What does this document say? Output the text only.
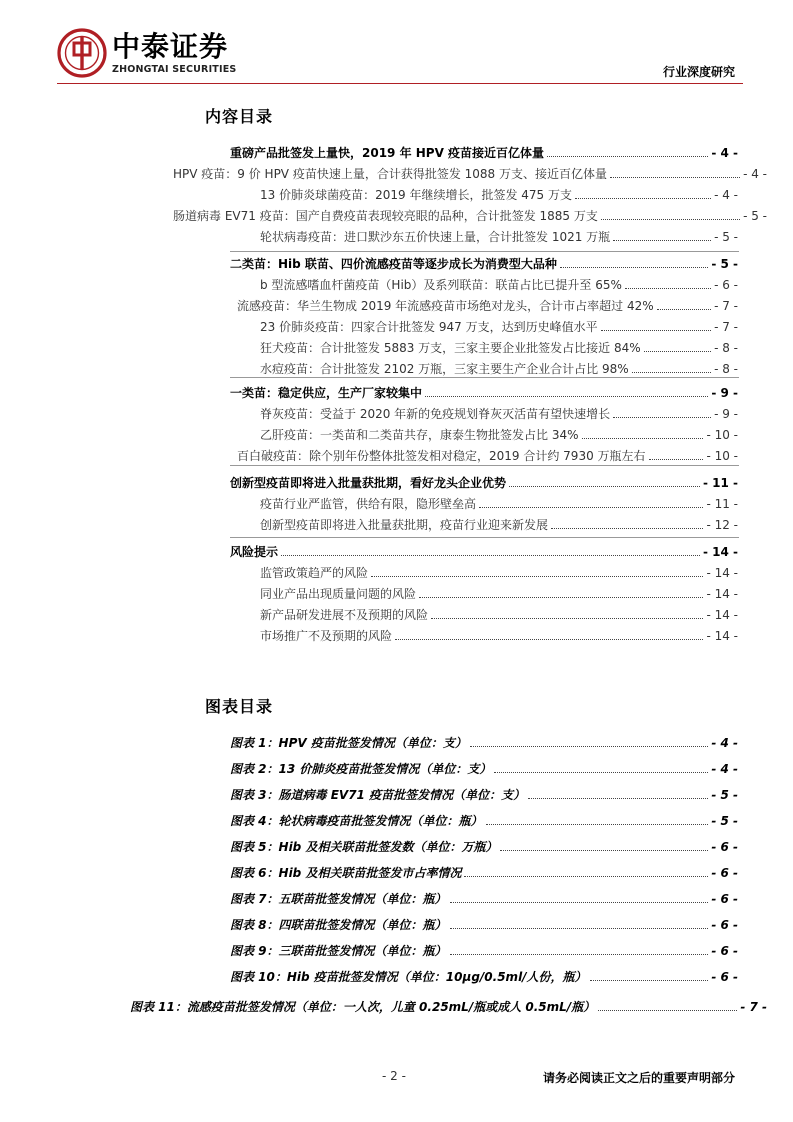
中泰证券
ZHONGTAI SECURITIES	行业深度研究
内容目录
重磅产品批签发上量快，2019 年 HPV 疫苗接近百亿体量	- 4 -
HPV 疫苗：9 价 HPV 疫苗快速上量，合计获得批签发 1088 万支、接近百亿体量	- 4 -
13 价肺炎球菌疫苗：2019 年继续增长，批签发 475 万支	- 4 -
肠道病毒 EV71 疫苗：国产自费疫苗表现较亮眼的品种，合计批签发 1885 万支	- 5 -
轮状病毒疫苗：进口默沙东五价快速上量，合计批签发 1021 万瓶	- 5 -
二类苗：Hib 联苗、四价流感疫苗等逐步成长为消费型大品种	- 5 -
b 型流感嗜血杆菌疫苗（Hib）及系列联苗：联苗占比已提升至 65%	- 6 -
流感疫苗：华兰生物成 2019 年流感疫苗市场绝对龙头，合计市占率超过 42%	- 7 -
23 价肺炎疫苗：四家合计批签发 947 万支，达到历史峰值水平	- 7 -
狂犬疫苗：合计批签发 5883 万支，三家主要企业批签发占比接近 84%	- 8 -
水痘疫苗：合计批签发 2102 万瓶，三家主要生产企业合计占比 98%	- 8 -
一类苗：稳定供应，生产厂家较集中	- 9 -
脊灰疫苗：受益于 2020 年新的免疫规划脊灰灭活苗有望快速增长	- 9 -
乙肝疫苗：一类苗和二类苗共存，康泰生物批签发占比 34%	- 10 -
百白破疫苗：除个别年份整体批签发相对稳定，2019 合计约 7930 万瓶左右	- 10 -
创新型疫苗即将进入批量获批期，看好龙头企业优势	- 11 -
疫苗行业严监管，供给有限，隐形壁垒高	- 11 -
创新型疫苗即将进入批量获批期，疫苗行业迎来新发展	- 12 -
风险提示	- 14 -
监管政策趋严的风险	- 14 -
同业产品出现质量问题的风险	- 14 -
新产品研发进展不及预期的风险	- 14 -
市场推广不及预期的风险	- 14 -
图表目录
图表 1：HPV 疫苗批签发情况（单位：支）	- 4 -
图表 2：13 价肺炎疫苗批签发情况（单位：支）	- 4 -
图表 3：肠道病毒 EV71 疫苗批签发情况（单位：支）	- 5 -
图表 4：轮状病毒疫苗批签发情况（单位：瓶）	- 5 -
图表 5：Hib 及相关联苗批签发数（单位：万瓶）	- 6 -
图表 6：Hib 及相关联苗批签发市占率情况	- 6 -
图表 7：五联苗批签发情况（单位：瓶）	- 6 -
图表 8：四联苗批签发情况（单位：瓶）	- 6 -
图表 9：三联苗批签发情况（单位：瓶）	- 6 -
图表 10：Hib 疫苗批签发情况（单位：10μg/0.5ml/人份，瓶）	- 6 -
图表 11：流感疫苗批签发情况（单位：一人次，儿童 0.25mL/瓶或成人 0.5mL/瓶）	- 7 -
- 2 -	请务必阅读正文之后的重要声明部分
